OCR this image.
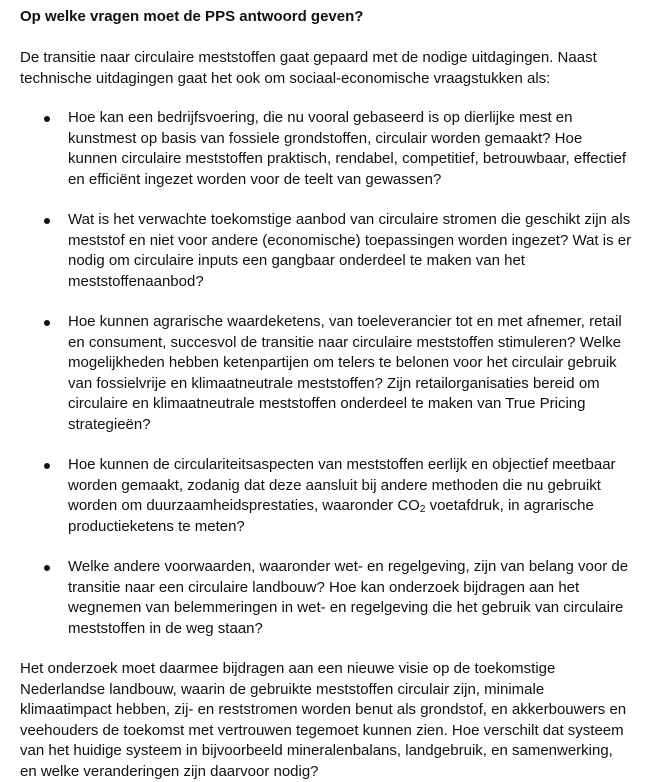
Op welke vragen moet de PPS antwoord geven?

De transitie naar circulaire meststoffen gaat gepaard met de nodige uitdagingen. Naast technische uitdagingen gaat het ook om sociaal-economische vraagstukken als:

Hoe kan een bedrijfsvoering, die nu vooral gebaseerd is op dierlijke mest en kunstmest op basis van fossiele grondstoffen, circulair worden gemaakt? Hoe kunnen circulaire meststoffen praktisch, rendabel, competitief, betrouwbaar, effectief en efficiënt ingezet worden voor de teelt van gewassen?
Wat is het verwachte toekomstige aanbod van circulaire stromen die geschikt zijn als meststof en niet voor andere (economische) toepassingen worden ingezet? Wat is er nodig om circulaire inputs een gangbaar onderdeel te maken van het meststoffenaanbod?
Hoe kunnen agrarische waardeketens, van toeleverancier tot en met afnemer, retail en consument, succesvol de transitie naar circulaire meststoffen stimuleren? Welke mogelijkheden hebben ketenpartijen om telers te belonen voor het circulair gebruik van fossielvrije en klimaatneutrale meststoffen? Zijn retailorganisaties bereid om circulaire en klimaatneutrale meststoffen onderdeel te maken van True Pricing strategieën?
Hoe kunnen de circulariteitsaspecten van meststoffen eerlijk en objectief meetbaar worden gemaakt, zodanig dat deze aansluit bij andere methoden die nu gebruikt worden om duurzaamheidsprestaties, waaronder $CO_2$ voetafdruk, in agrarische productieketens te meten?
Welke andere voorwaarden, waaronder wet- en regelgeving, zijn van belang voor de transitie naar een circulaire landbouw? Hoe kan onderzoek bijdragen aan het wegnemen van belemmeringen in wet- en regelgeving die het gebruik van circulaire meststoffen in de weg staan?

Het onderzoek moet daarmee bijdragen aan een nieuwe visie op de toekomstige Nederlandse landbouw, waarin de gebruikte meststoffen circulair zijn, minimale klimaatimpact hebben, zij- en reststromen worden benut als grondstof, en akkerbouwers en veehouders de toekomst met vertrouwen tegemoet kunnen zien. Hoe verschilt dat systeem van het huidige systeem in bijvoorbeeld mineralenbalans, landgebruik, en samenwerking, en welke veranderingen zijn daarvoor nodig?
